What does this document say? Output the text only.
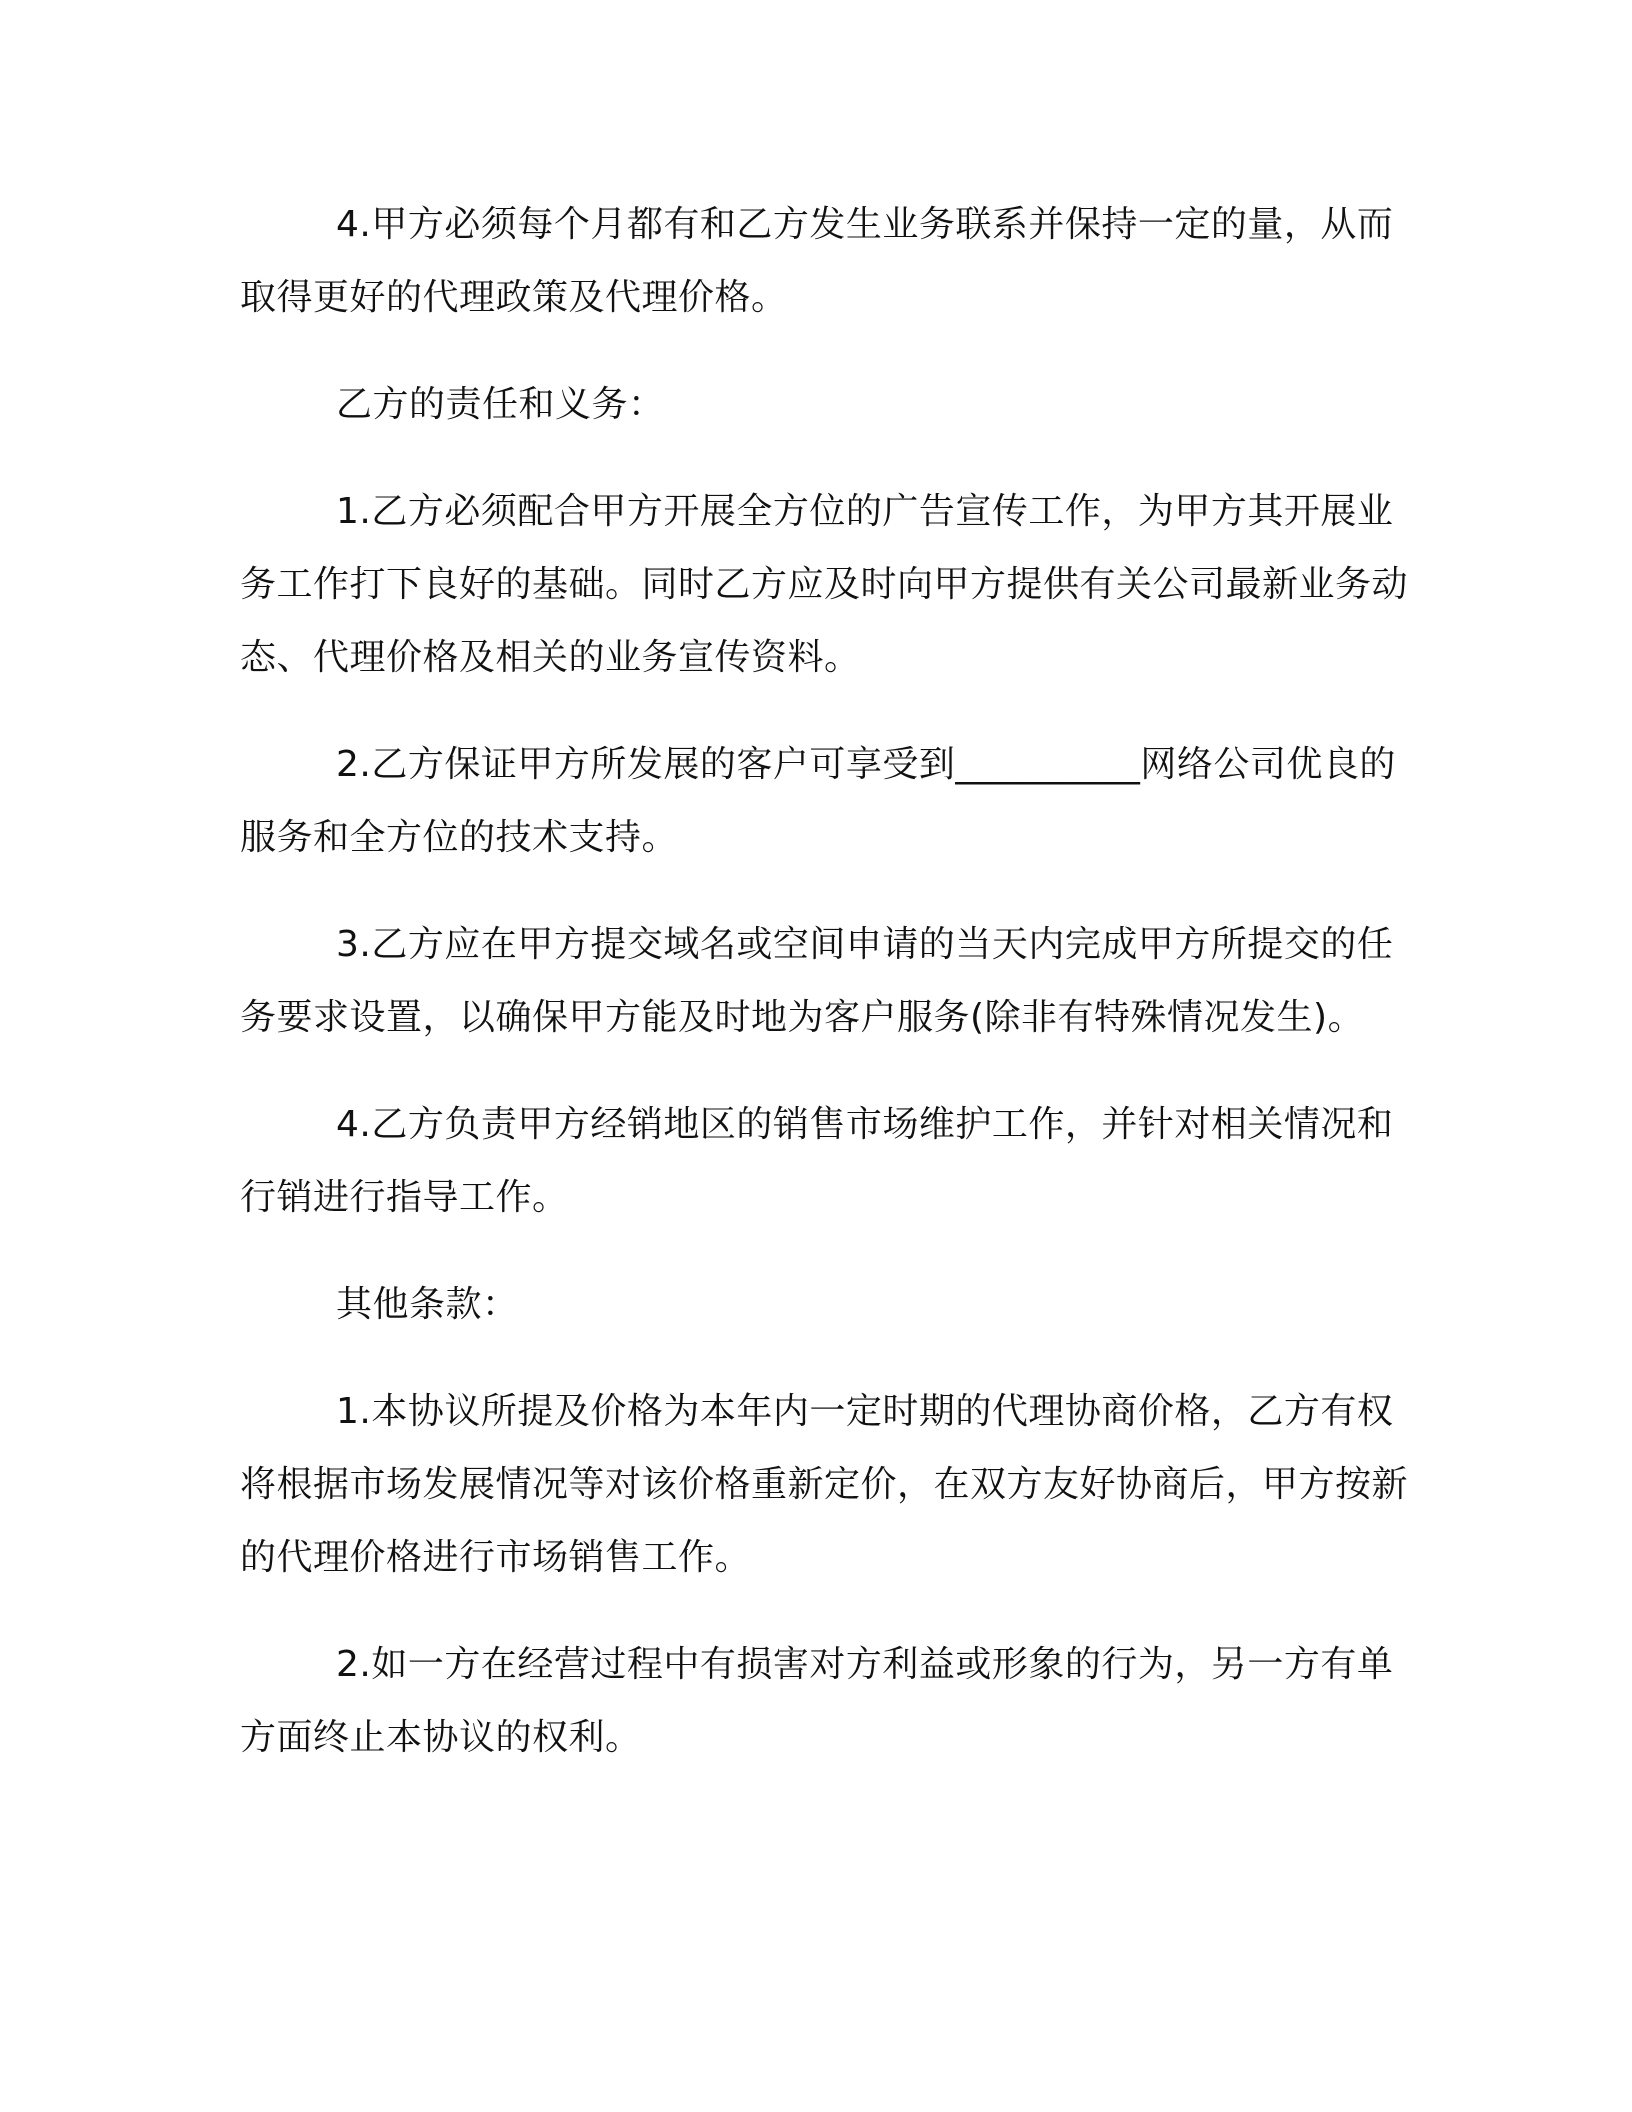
4.甲方必须每个月都有和乙方发生业务联系并保持一定的量，从而取得更好的代理政策及代理价格。

乙方的责任和义务：

1.乙方必须配合甲方开展全方位的广告宣传工作，为甲方其开展业务工作打下良好的基础。同时乙方应及时向甲方提供有关公司最新业务动态、代理价格及相关的业务宣传资料。

2.乙方保证甲方所发展的客户可享受到__________网络公司优良的服务和全方位的技术支持。

3.乙方应在甲方提交域名或空间申请的当天内完成甲方所提交的任务要求设置，以确保甲方能及时地为客户服务(除非有特殊情况发生)。

4.乙方负责甲方经销地区的销售市场维护工作，并针对相关情况和行销进行指导工作。

其他条款：

1.本协议所提及价格为本年内一定时期的代理协商价格，乙方有权将根据市场发展情况等对该价格重新定价，在双方友好协商后，甲方按新的代理价格进行市场销售工作。

2.如一方在经营过程中有损害对方利益或形象的行为，另一方有单方面终止本协议的权利。
